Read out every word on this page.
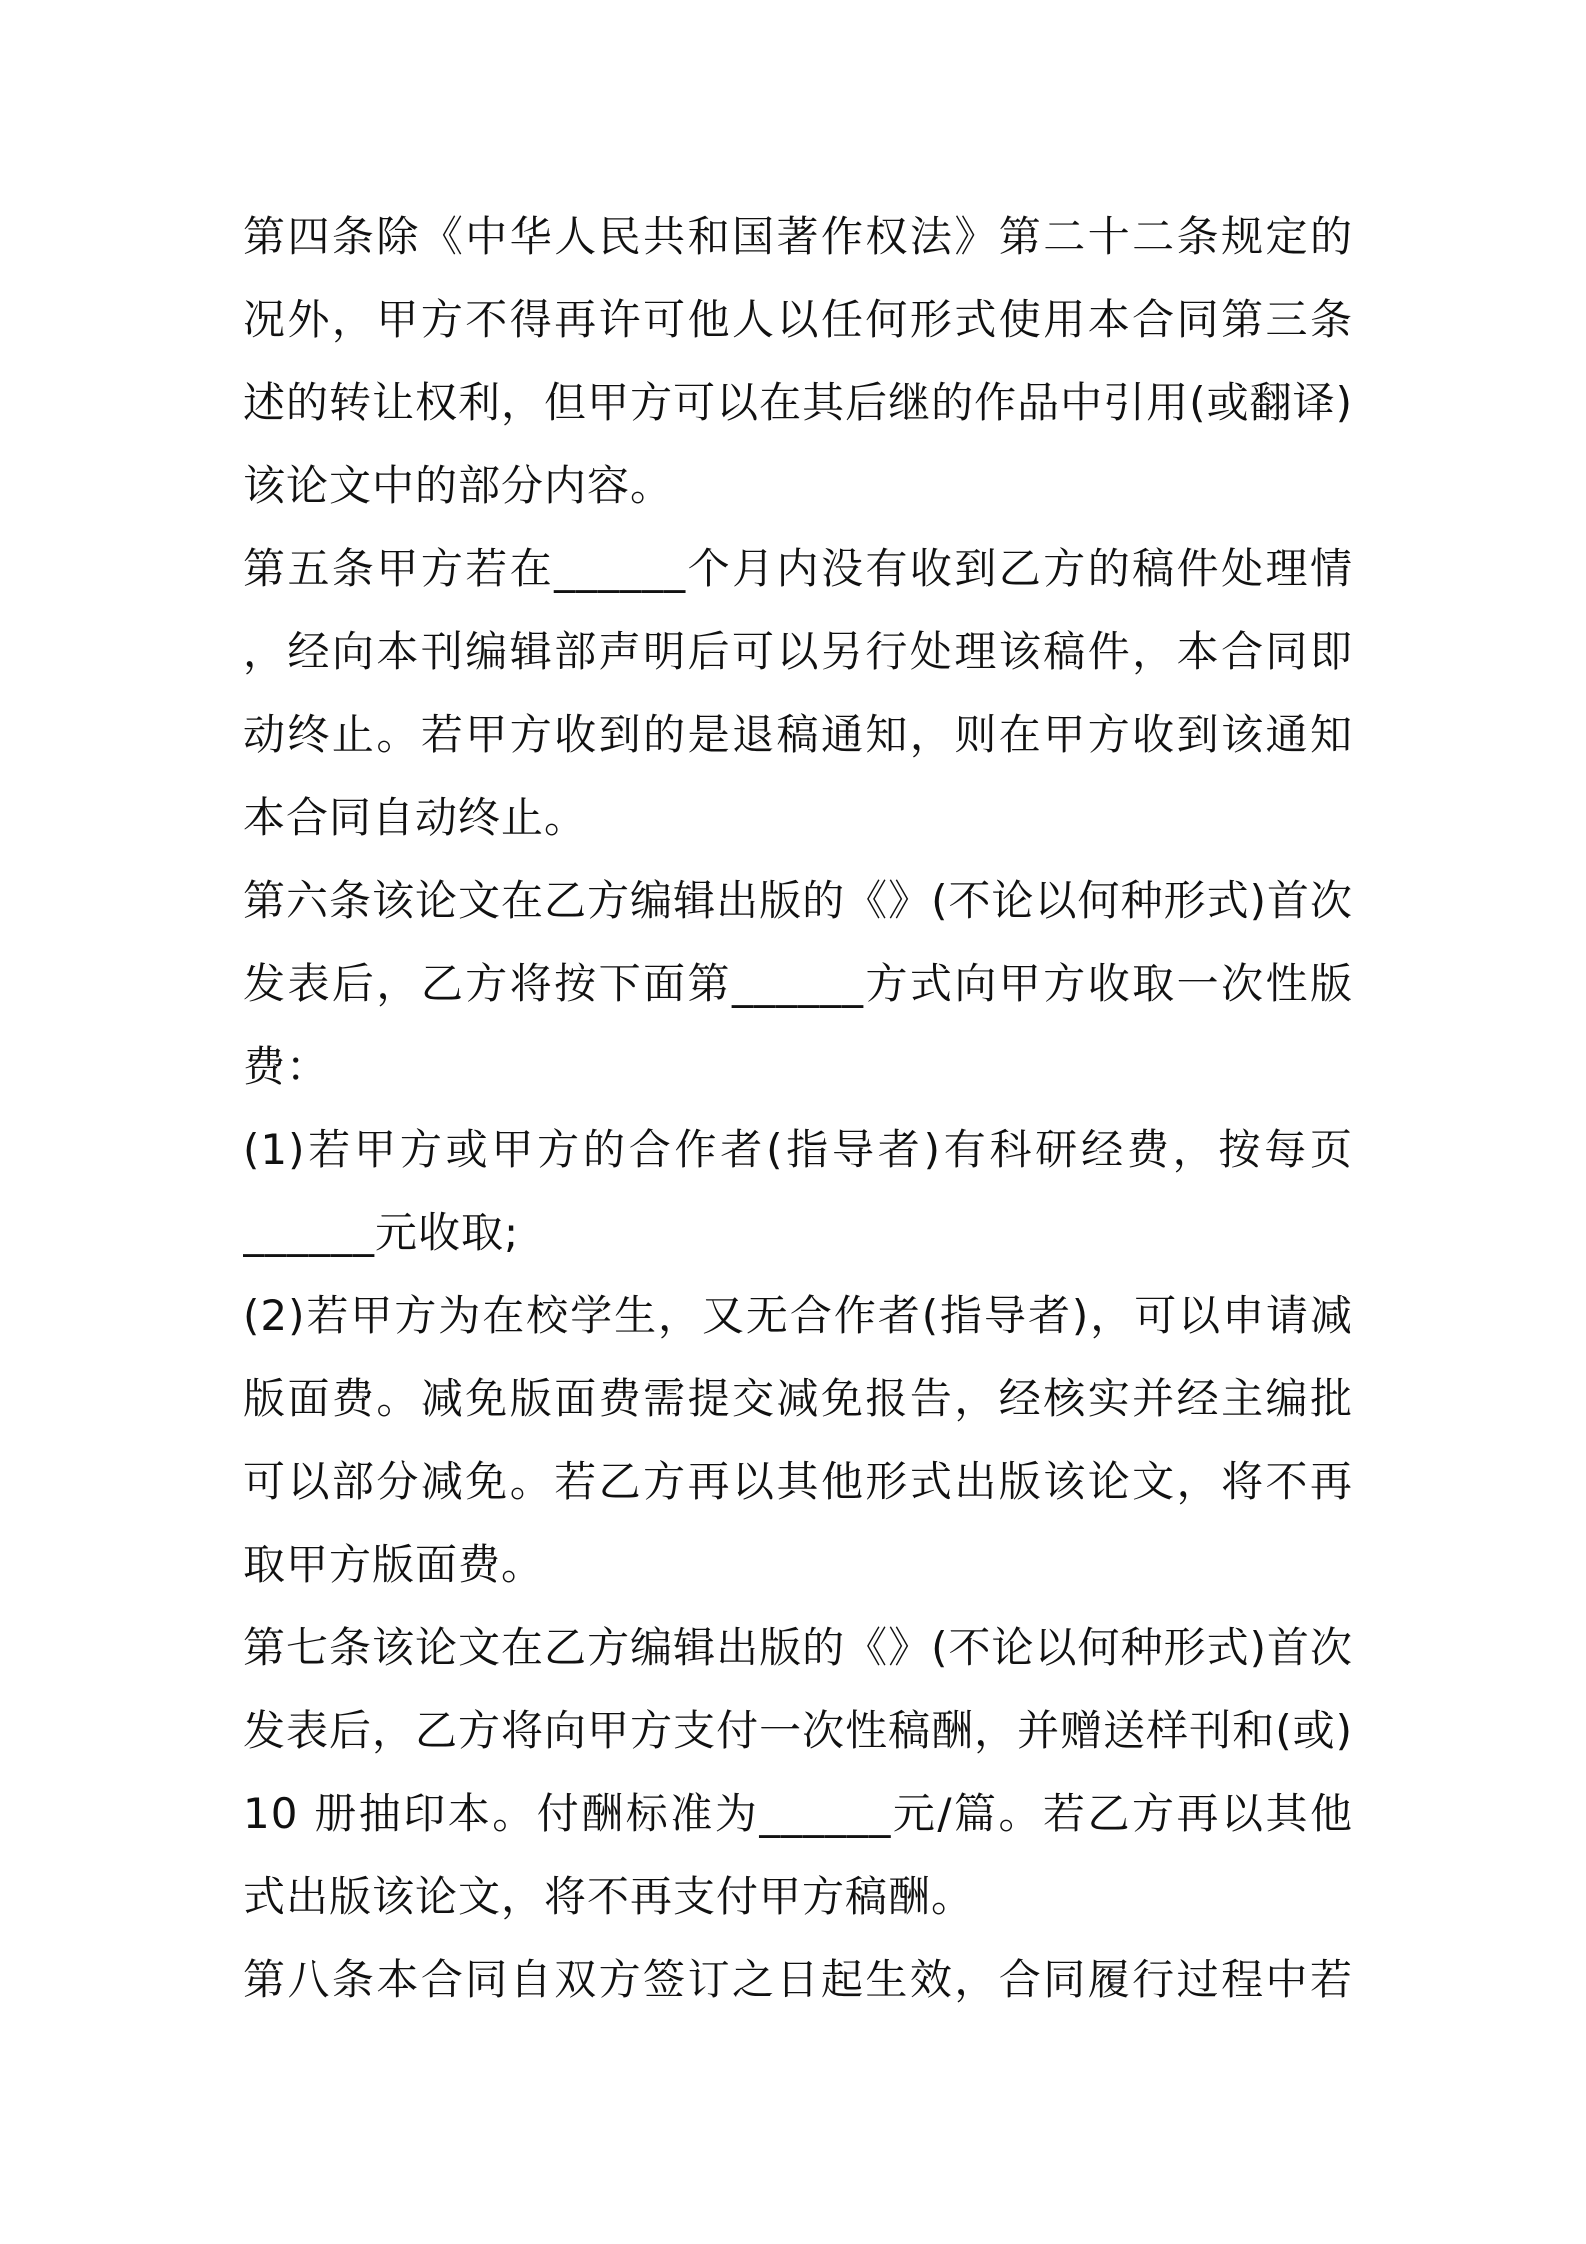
第四条除《中华人民共和国著作权法》第二十二条规定的
况外，甲方不得再许可他人以任何形式使用本合同第三条
述的转让权利，但甲方可以在其后继的作品中引用(或翻译)
该论文中的部分内容。
第五条甲方若在______个月内没有收到乙方的稿件处理情
，经向本刊编辑部声明后可以另行处理该稿件，本合同即
动终止。若甲方收到的是退稿通知，则在甲方收到该通知
本合同自动终止。
第六条该论文在乙方编辑出版的《》(不论以何种形式)首次
发表后，乙方将按下面第______方式向甲方收取一次性版
费：
(1)若甲方或甲方的合作者(指导者)有科研经费，按每页
______元收取;
(2)若甲方为在校学生，又无合作者(指导者)，可以申请减
版面费。减免版面费需提交减免报告，经核实并经主编批
可以部分减免。若乙方再以其他形式出版该论文，将不再
取甲方版面费。
第七条该论文在乙方编辑出版的《》(不论以何种形式)首次
发表后，乙方将向甲方支付一次性稿酬，并赠送样刊和(或)
10 册抽印本。付酬标准为______元/篇。若乙方再以其他
式出版该论文，将不再支付甲方稿酬。
第八条本合同自双方签订之日起生效，合同履行过程中若
